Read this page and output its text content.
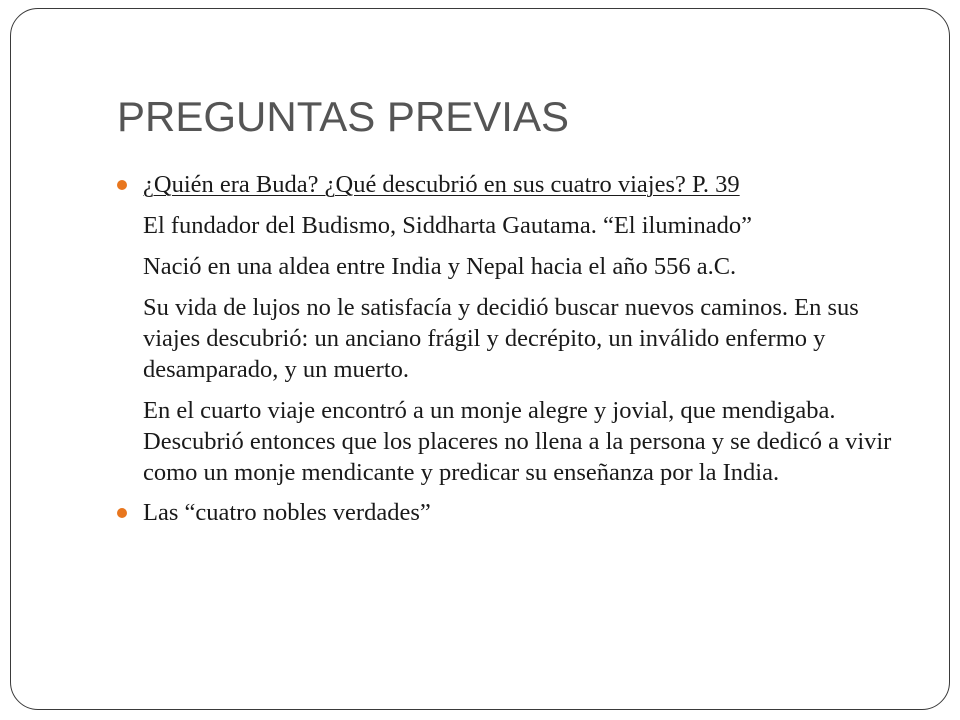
PREGUNTAS PREVIAS
¿Quién era Buda? ¿Qué descubrió en sus cuatro viajes? P. 39

El fundador del Budismo, Siddharta Gautama. “El iluminado”

Nació en una aldea entre India y Nepal hacia el año 556 a.C.

Su vida de lujos no le satisfacía y decidió buscar nuevos caminos. En sus viajes descubrió: un anciano frágil y decrépito, un inválido enfermo y desamparado, y un muerto.

En el cuarto viaje encontró a un monje alegre y jovial, que mendigaba. Descubrió entonces que los placeres no llena a la persona y se dedicó a vivir como un monje mendicante y predicar su enseñanza por la India.

Las “cuatro nobles verdades”
